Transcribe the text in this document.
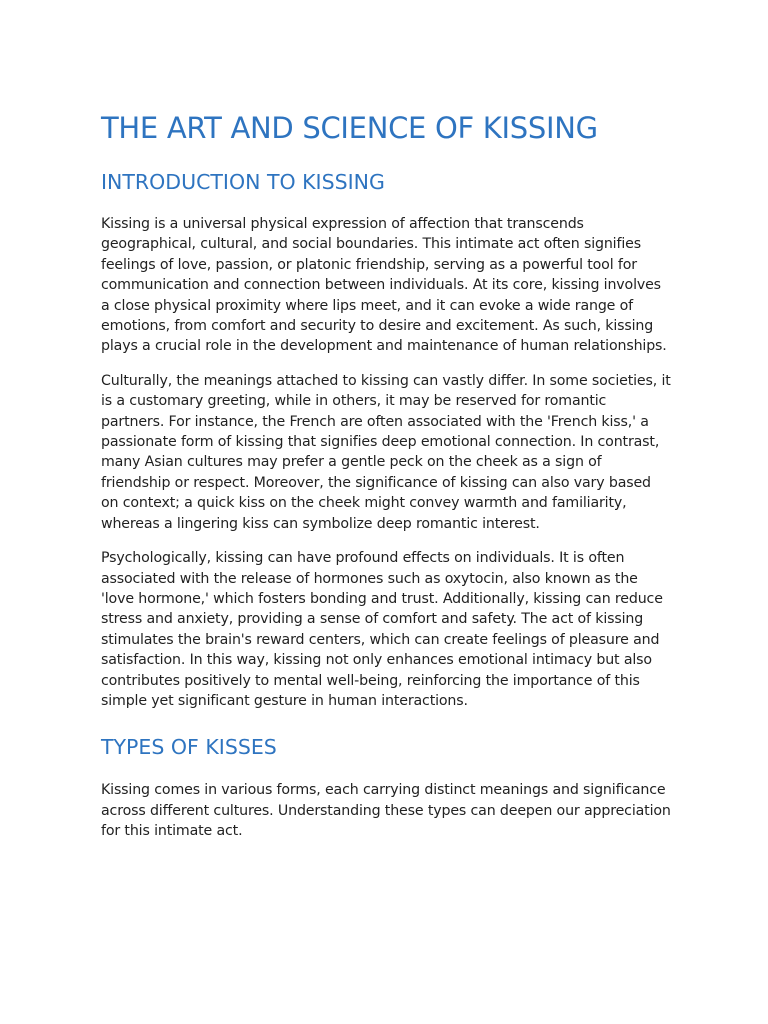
THE ART AND SCIENCE OF KISSING
INTRODUCTION TO KISSING

Kissing is a universal physical expression of affection that transcends geographical, cultural, and social boundaries. This intimate act often signifies feelings of love, passion, or platonic friendship, serving as a powerful tool for communication and connection between individuals. At its core, kissing involves a close physical proximity where lips meet, and it can evoke a wide range of emotions, from comfort and security to desire and excitement. As such, kissing plays a crucial role in the development and maintenance of human relationships.

Culturally, the meanings attached to kissing can vastly differ. In some societies, it is a customary greeting, while in others, it may be reserved for romantic partners. For instance, the French are often associated with the 'French kiss,' a passionate form of kissing that signifies deep emotional connection. In contrast, many Asian cultures may prefer a gentle peck on the cheek as a sign of friendship or respect. Moreover, the significance of kissing can also vary based on context; a quick kiss on the cheek might convey warmth and familiarity, whereas a lingering kiss can symbolize deep romantic interest.

Psychologically, kissing can have profound effects on individuals. It is often associated with the release of hormones such as oxytocin, also known as the 'love hormone,' which fosters bonding and trust. Additionally, kissing can reduce stress and anxiety, providing a sense of comfort and safety. The act of kissing stimulates the brain's reward centers, which can create feelings of pleasure and satisfaction. In this way, kissing not only enhances emotional intimacy but also contributes positively to mental well-being, reinforcing the importance of this simple yet significant gesture in human interactions.

TYPES OF KISSES

Kissing comes in various forms, each carrying distinct meanings and significance across different cultures. Understanding these types can deepen our appreciation for this intimate act.
